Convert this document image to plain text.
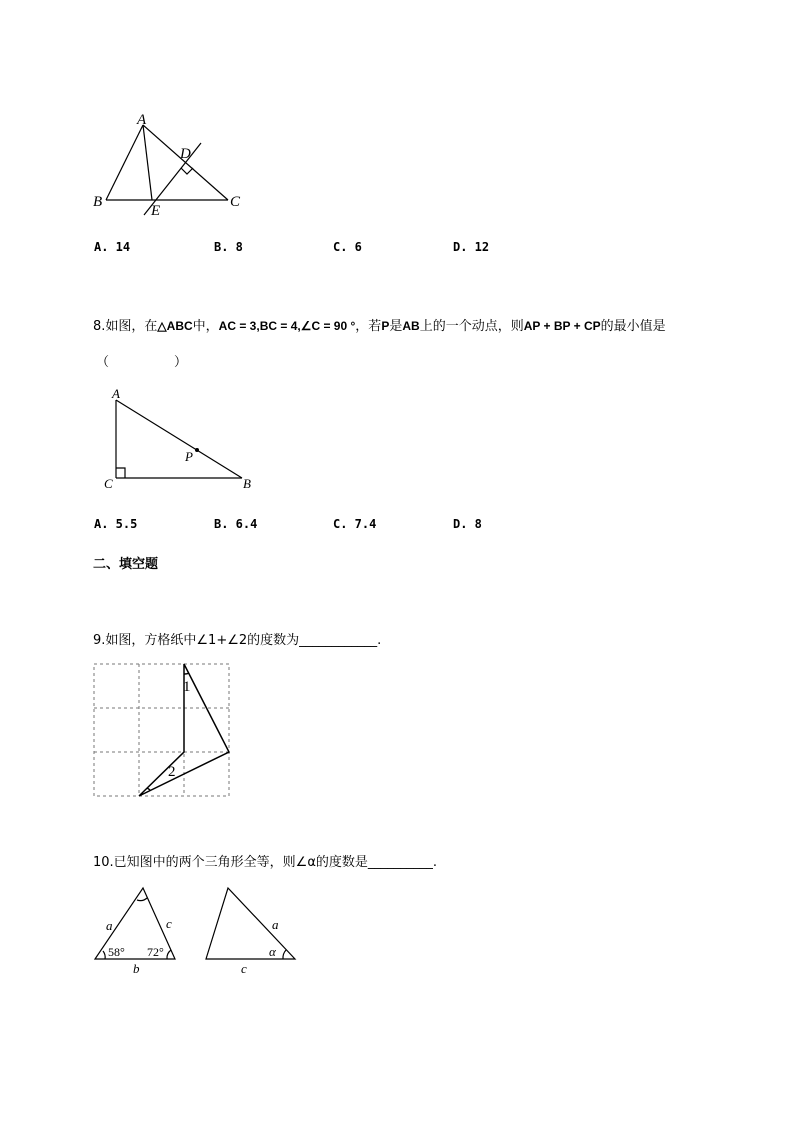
A
B	C
D
E
A. 14	B. 8	C. 6	D. 12
8.如图，在△ABC中，AC = 3,BC = 4,∠C = 90 °，若P是AB上的一个动点，则AP + BP + CP的最小值是
（　　　　　）
A
C	B
P
A. 5.5	B. 6.4	C. 7.4	D. 8
二、填空题
9.如图，方格纸中∠1+∠2的度数为____________.
1
2
10.已知图中的两个三角形全等，则∠α的度数是__________.
a	c
b
58° 72°
a
c
α
